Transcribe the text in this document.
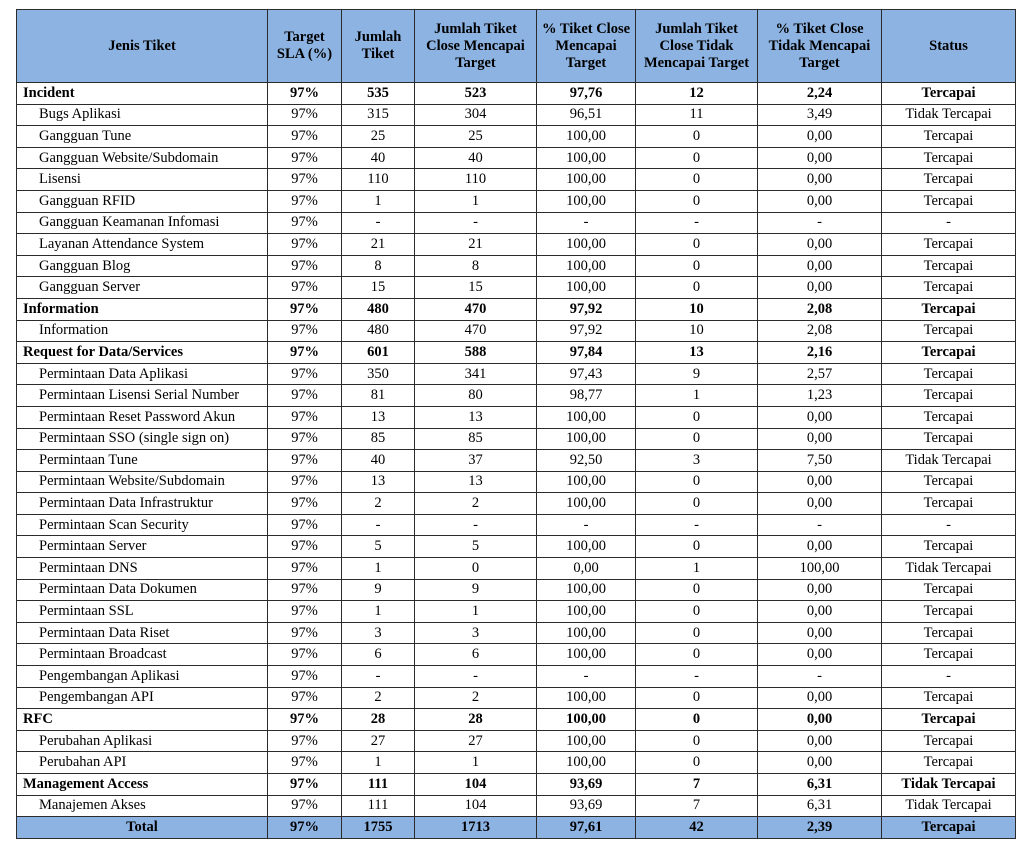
Jenis Tiket	Target SLA (%)	Jumlah Tiket	Jumlah Tiket Close Mencapai Target	% Tiket Close Mencapai Target	Jumlah Tiket Close Tidak Mencapai Target	% Tiket Close Tidak Mencapai Target	Status
Incident	97%	535	523	97,76	12	2,24	Tercapai
Bugs Aplikasi	97%	315	304	96,51	11	3,49	Tidak Tercapai
Gangguan Tune	97%	25	25	100,00	0	0,00	Tercapai
Gangguan Website/Subdomain	97%	40	40	100,00	0	0,00	Tercapai
Lisensi	97%	110	110	100,00	0	0,00	Tercapai
Gangguan RFID	97%	1	1	100,00	0	0,00	Tercapai
Gangguan Keamanan Infomasi	97%	-	-	-	-	-	-
Layanan Attendance System	97%	21	21	100,00	0	0,00	Tercapai
Gangguan Blog	97%	8	8	100,00	0	0,00	Tercapai
Gangguan Server	97%	15	15	100,00	0	0,00	Tercapai
Information	97%	480	470	97,92	10	2,08	Tercapai
Information	97%	480	470	97,92	10	2,08	Tercapai
Request for Data/Services	97%	601	588	97,84	13	2,16	Tercapai
Permintaan Data Aplikasi	97%	350	341	97,43	9	2,57	Tercapai
Permintaan Lisensi Serial Number	97%	81	80	98,77	1	1,23	Tercapai
Permintaan Reset Password Akun	97%	13	13	100,00	0	0,00	Tercapai
Permintaan SSO (single sign on)	97%	85	85	100,00	0	0,00	Tercapai
Permintaan Tune	97%	40	37	92,50	3	7,50	Tidak Tercapai
Permintaan Website/Subdomain	97%	13	13	100,00	0	0,00	Tercapai
Permintaan Data Infrastruktur	97%	2	2	100,00	0	0,00	Tercapai
Permintaan Scan Security	97%	-	-	-	-	-	-
Permintaan Server	97%	5	5	100,00	0	0,00	Tercapai
Permintaan DNS	97%	1	0	0,00	1	100,00	Tidak Tercapai
Permintaan Data Dokumen	97%	9	9	100,00	0	0,00	Tercapai
Permintaan SSL	97%	1	1	100,00	0	0,00	Tercapai
Permintaan Data Riset	97%	3	3	100,00	0	0,00	Tercapai
Permintaan Broadcast	97%	6	6	100,00	0	0,00	Tercapai
Pengembangan Aplikasi	97%	-	-	-	-	-	-
Pengembangan API	97%	2	2	100,00	0	0,00	Tercapai
RFC	97%	28	28	100,00	0	0,00	Tercapai
Perubahan Aplikasi	97%	27	27	100,00	0	0,00	Tercapai
Perubahan API	97%	1	1	100,00	0	0,00	Tercapai
Management Access	97%	111	104	93,69	7	6,31	Tidak Tercapai
Manajemen Akses	97%	111	104	93,69	7	6,31	Tidak Tercapai
Total	97%	1755	1713	97,61	42	2,39	Tercapai
